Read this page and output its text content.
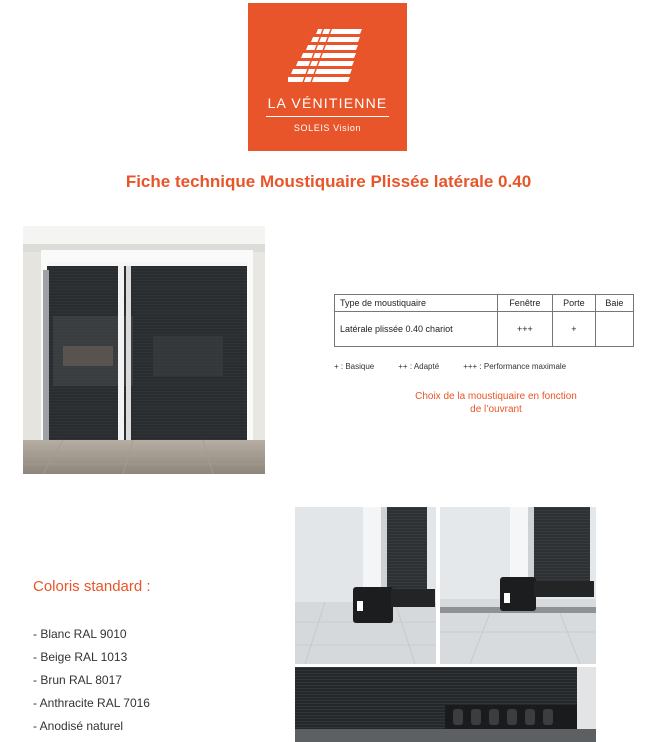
LA VÉNITIENNE
SOLEIS Vision
Fiche technique Moustiquaire Plissée latérale 0.40
Type de moustiquaire	Fenêtre	Porte	Baie
Latérale plissée 0.40 chariot	+++	+	
+ : Basique	++ : Adapté	+++ : Performance maximale
Choix de la moustiquaire en fonction de l’ouvrant
Coloris standard :
- Blanc RAL 9010
- Beige RAL 1013
- Brun RAL 8017
- Anthracite RAL 7016
- Anodisé naturel
